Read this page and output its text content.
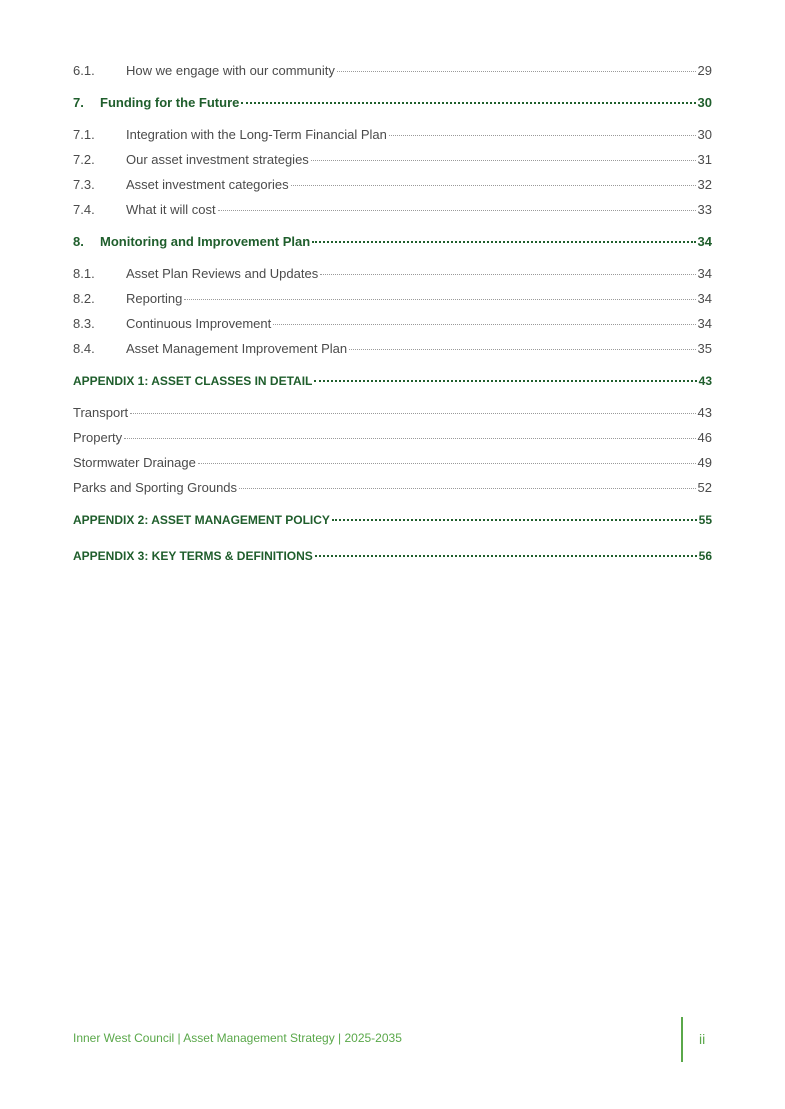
6.1.	How we engage with our community	29
7.	Funding for the Future	30
7.1.	Integration with the Long-Term Financial Plan	30
7.2.	Our asset investment strategies	31
7.3.	Asset investment categories	32
7.4.	What it will cost	33
8.	Monitoring and Improvement Plan	34
8.1.	Asset Plan Reviews and Updates	34
8.2.	Reporting	34
8.3.	Continuous Improvement	34
8.4.	Asset Management Improvement Plan	35
APPENDIX 1: ASSET CLASSES IN DETAIL	43
Transport	43
Property	46
Stormwater Drainage	49
Parks and Sporting Grounds	52
APPENDIX 2: ASSET MANAGEMENT POLICY	55
APPENDIX 3: KEY TERMS & DEFINITIONS	56
Inner West Council | Asset Management Strategy | 2025-2035	ii
